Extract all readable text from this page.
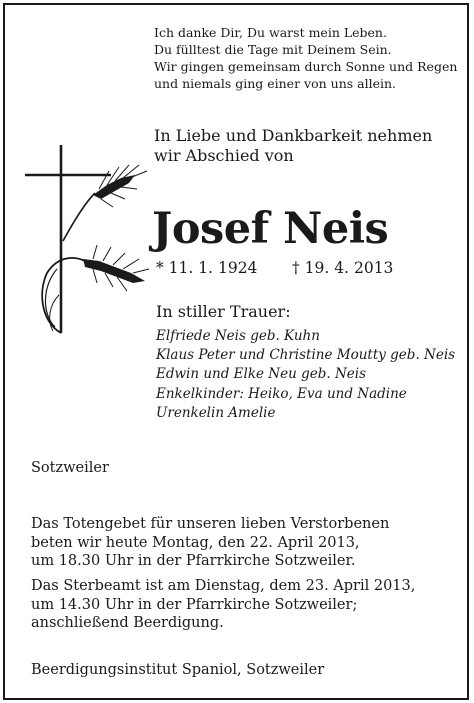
Ich danke Dir, Du warst mein Leben.
Du fülltest die Tage mit Deinem Sein.
Wir gingen gemeinsam durch Sonne und Regen
und niemals ging einer von uns allein.
In Liebe und Dankbarkeit nehmen
wir Abschied von
Josef Neis
* 11. 1. 1924 † 19. 4. 2013
In stiller Trauer:
Elfriede Neis geb. Kuhn
Klaus Peter und Christine Moutty geb. Neis
Edwin und Elke Neu geb. Neis
Enkelkinder: Heiko, Eva und Nadine
Urenkelin Amelie
Sotzweiler
Das Totengebet für unseren lieben Verstorbenen
beten wir heute Montag, den 22. April 2013,
um 18.30 Uhr in der Pfarrkirche Sotzweiler.
Das Sterbeamt ist am Dienstag, dem 23. April 2013,
um 14.30 Uhr in der Pfarrkirche Sotzweiler;
anschließend Beerdigung.
Beerdigungsinstitut Spaniol, Sotzweiler
